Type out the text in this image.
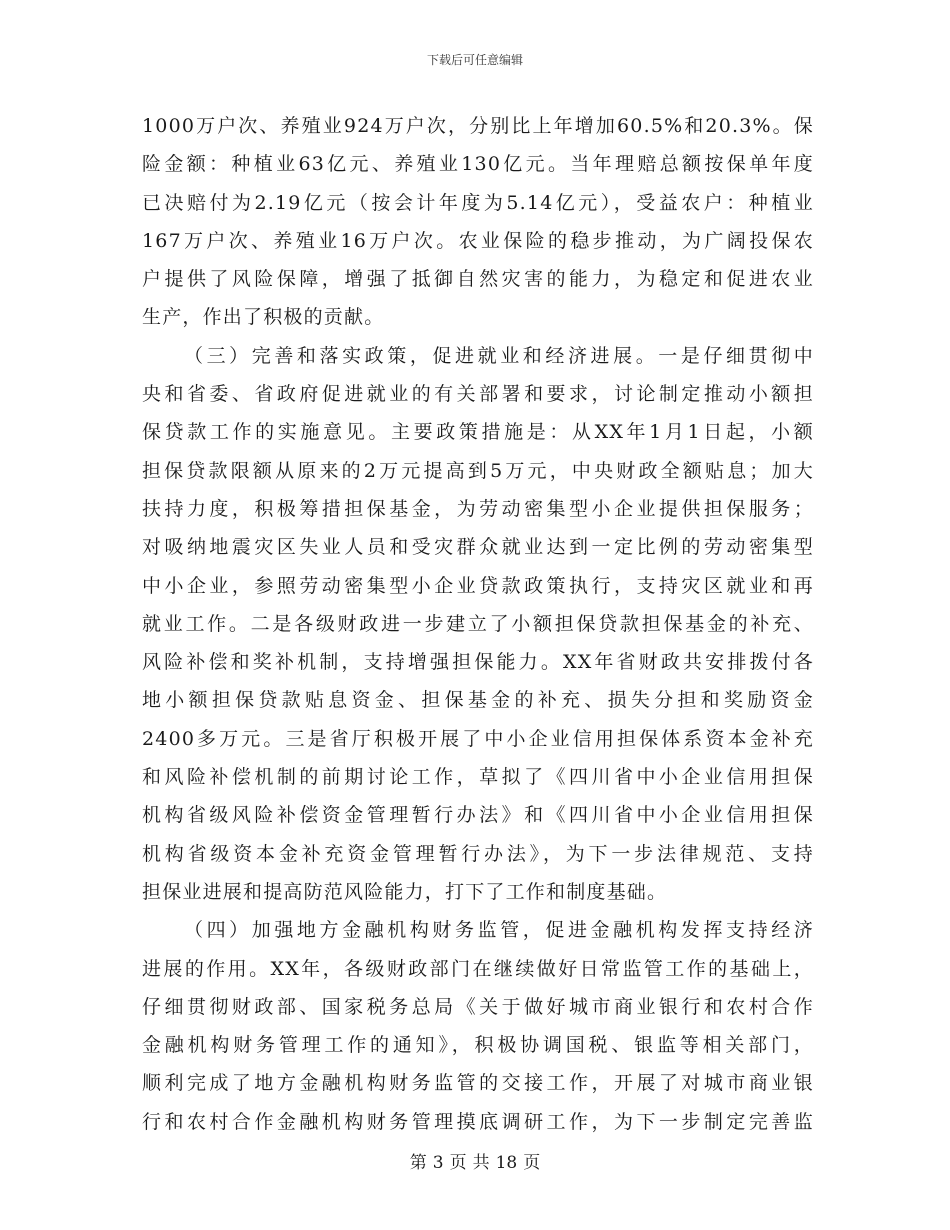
下载后可任意编辑
1000万户次、养殖业924万户次，分别比上年增加60.5%和20.3%。保
险金额：种植业63亿元、养殖业130亿元。当年理赔总额按保单年度
已决赔付为2.19亿元（按会计年度为5.14亿元），受益农户：种植业
167万户次、养殖业16万户次。农业保险的稳步推动，为广阔投保农
户提供了风险保障，增强了抵御自然灾害的能力，为稳定和促进农业
生产，作出了积极的贡献。
（三）完善和落实政策，促进就业和经济进展。一是仔细贯彻中
央和省委、省政府促进就业的有关部署和要求，讨论制定推动小额担
保贷款工作的实施意见。主要政策措施是：从XX年1月1日起，小额
担保贷款限额从原来的2万元提高到5万元，中央财政全额贴息；加大
扶持力度，积极筹措担保基金，为劳动密集型小企业提供担保服务；
对吸纳地震灾区失业人员和受灾群众就业达到一定比例的劳动密集型
中小企业，参照劳动密集型小企业贷款政策执行，支持灾区就业和再
就业工作。二是各级财政进一步建立了小额担保贷款担保基金的补充、
风险补偿和奖补机制，支持增强担保能力。XX年省财政共安排拨付各
地小额担保贷款贴息资金、担保基金的补充、损失分担和奖励资金
2400多万元。三是省厅积极开展了中小企业信用担保体系资本金补充
和风险补偿机制的前期讨论工作，草拟了《四川省中小企业信用担保
机构省级风险补偿资金管理暂行办法》和《四川省中小企业信用担保
机构省级资本金补充资金管理暂行办法》，为下一步法律规范、支持
担保业进展和提高防范风险能力，打下了工作和制度基础。
（四）加强地方金融机构财务监管，促进金融机构发挥支持经济
进展的作用。XX年，各级财政部门在继续做好日常监管工作的基础上，
仔细贯彻财政部、国家税务总局《关于做好城市商业银行和农村合作
金融机构财务管理工作的通知》，积极协调国税、银监等相关部门，
顺利完成了地方金融机构财务监管的交接工作，开展了对城市商业银
行和农村合作金融机构财务管理摸底调研工作，为下一步制定完善监
第 3 页 共 18 页
